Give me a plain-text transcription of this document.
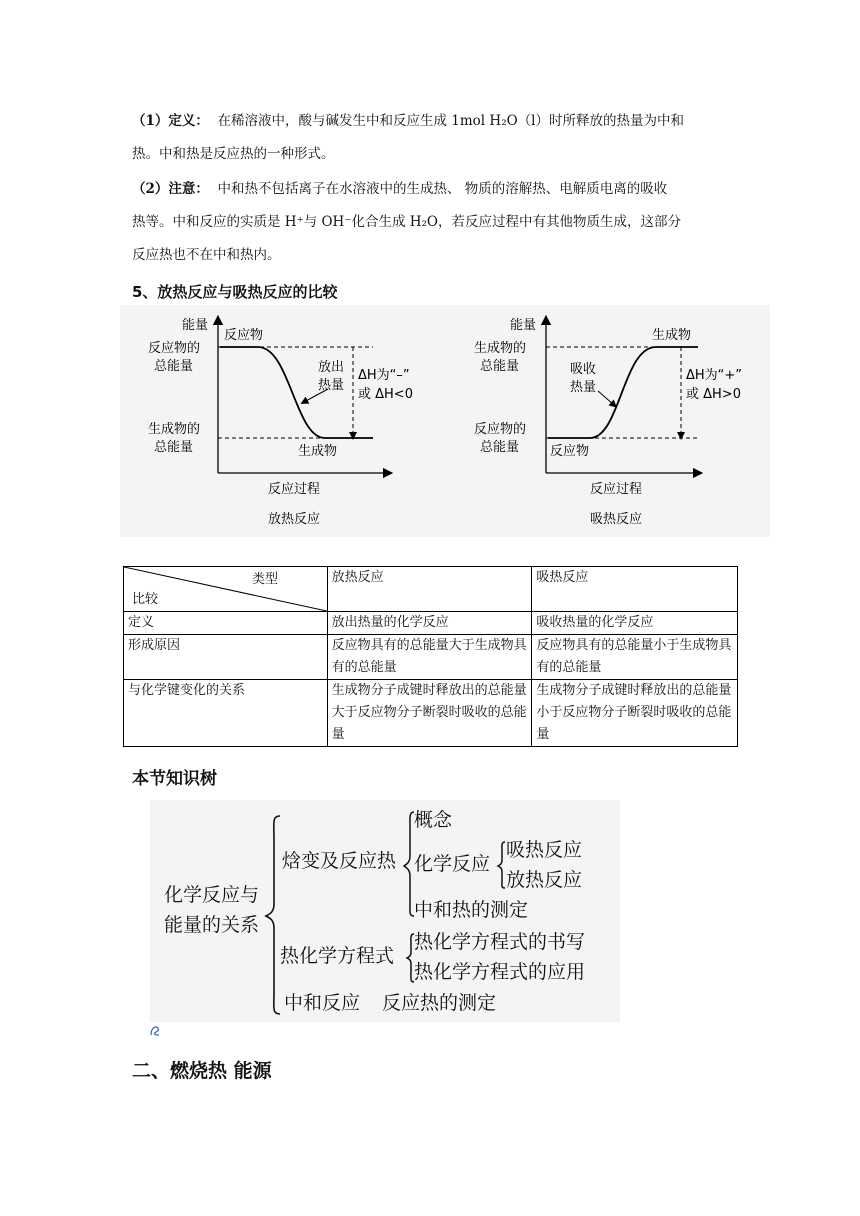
（1）定义： 在稀溶液中，酸与碱发生中和反应生成 1mol H₂O（l）时所释放的热量为中和
热。中和热是反应热的一种形式。
（2）注意： 中和热不包括离子在水溶液中的生成热、 物质的溶解热、电解质电离的吸收
热等。中和反应的实质是 H⁺与 OH⁻化合生成 H₂O，若反应过程中有其他物质生成，这部分
反应热也不在中和热内。
5、放热反应与吸热反应的比较
能量
反应物
反应物的
总能量	放出
热量
ΔH为“–”
或 ΔH<0
生成物的
总能量	生成物
反应过程
放热反应
能量
生成物
生成物的
总能量	吸收
热量
ΔH为“+”
或 ΔH>0
反应物的
总能量 反应物
反应过程
吸热反应
类型
比较	放热反应	吸热反应
定义	放出热量的化学反应	吸收热量的化学反应
形成原因	反应物具有的总能量大于生成物具有的总能量	反应物具有的总能量小于生成物具有的总能量
与化学键变化的关系	生成物分子成键时释放出的总能量大于反应物分子断裂时吸收的总能量	生成物分子成键时释放出的总能量小于反应物分子断裂时吸收的总能量
本节知识树
化学反应与
能量的关系
焓变及反应热
概念
化学反应
吸热反应
放热反应
中和热的测定
热化学方程式
热化学方程式的书写
热化学方程式的应用
中和反应 反应热的测定
二、燃烧热 能源
